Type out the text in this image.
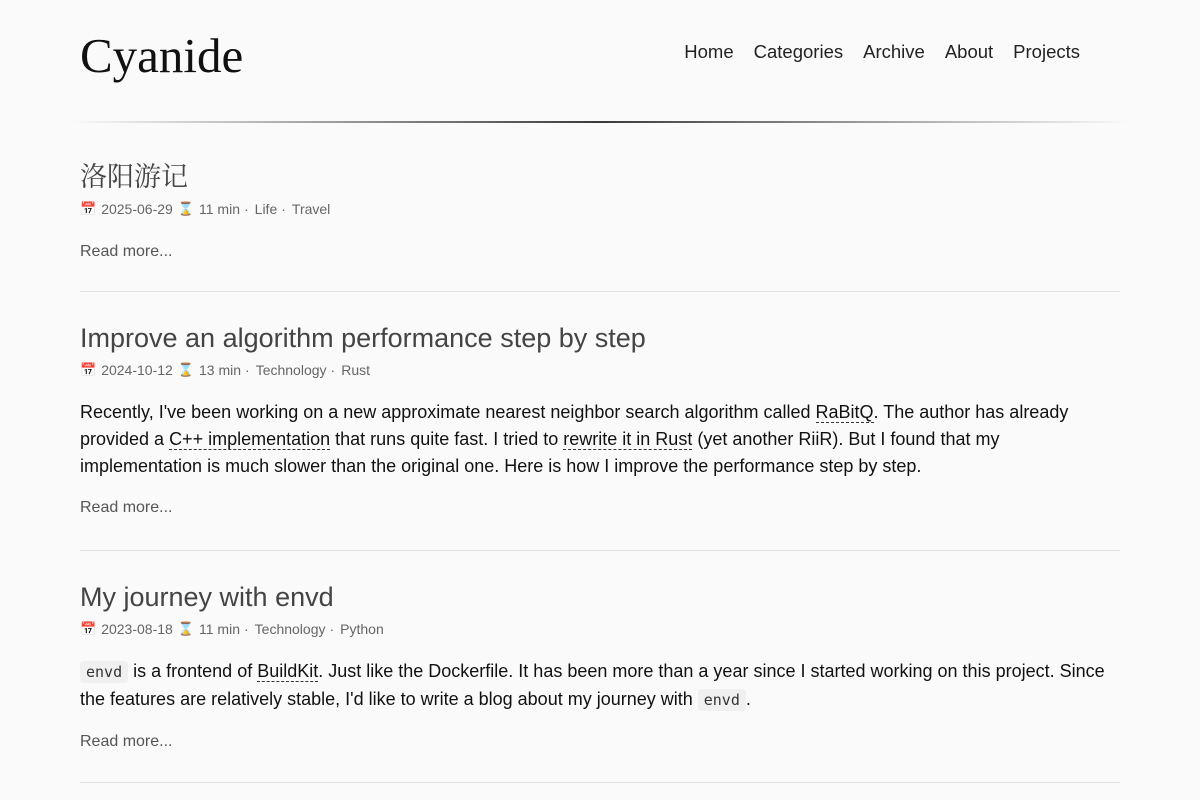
Cyanide	Home Categories Archive About Projects
洛阳游记
📅 2025-06-29 ⌛ 11 min · Life · Travel
Read more...
Improve an algorithm performance step by step
📅 2024-10-12 ⌛ 13 min · Technology · Rust

Recently, I've been working on a new approximate nearest neighbor search algorithm called RaBitQ. The author has already provided a C++ implementation that runs quite fast. I tried to rewrite it in Rust (yet another RiiR). But I found that my implementation is much slower than the original one. Here is how I improve the performance step by step.

Read more...
My journey with envd
📅 2023-08-18 ⌛ 11 min · Technology · Python

envd is a frontend of BuildKit. Just like the Dockerfile. It has been more than a year since I started working on this project. Since the features are relatively stable, I'd like to write a blog about my journey with envd .

Read more...
